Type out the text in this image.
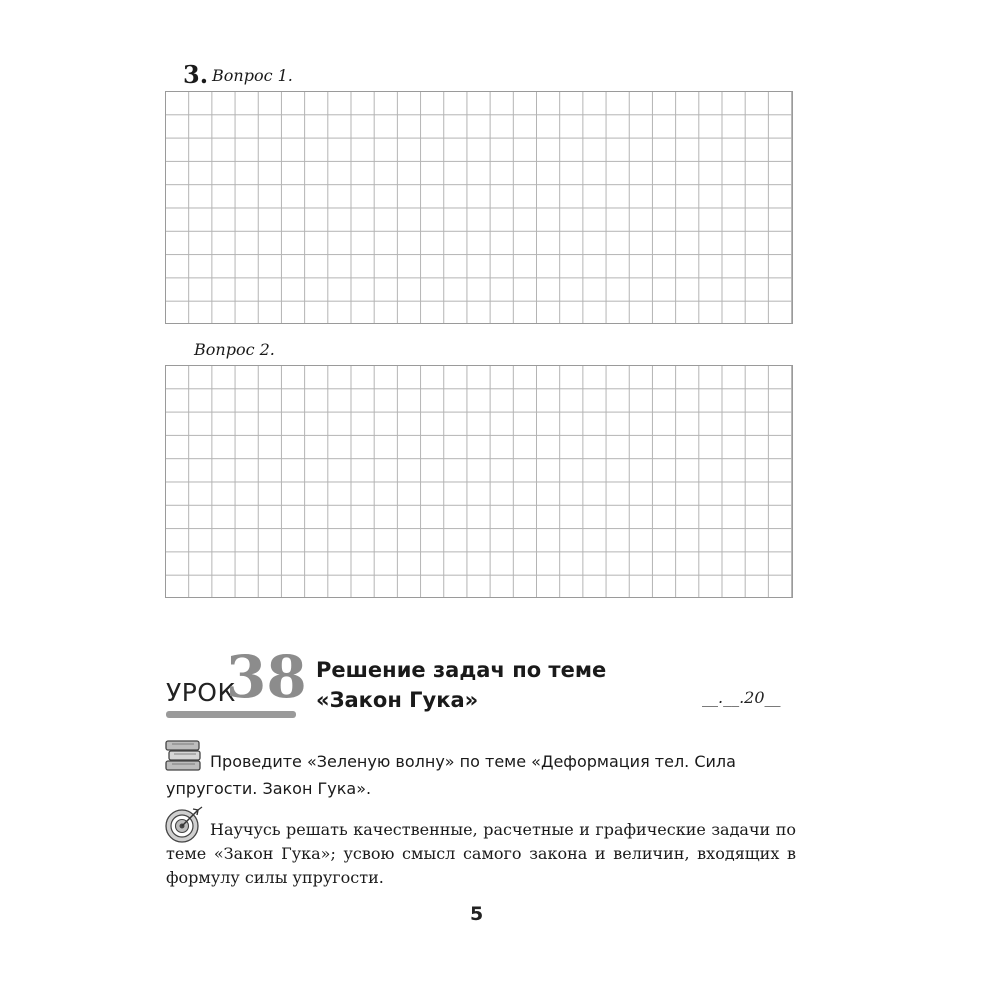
3. Вопрос 1.
Вопрос 2.
УРОК
38 Решение задач по теме
«Закон Гука»	__.__.20__
Проведите «Зеленую волну» по теме «Деформация тел. Сила упругости. Закон Гука».
Научусь решать качественные, расчетные и графические задачи по теме «Закон Гука»; усвою смысл самого закона и величин, входящих в формулу силы упругости.
5
